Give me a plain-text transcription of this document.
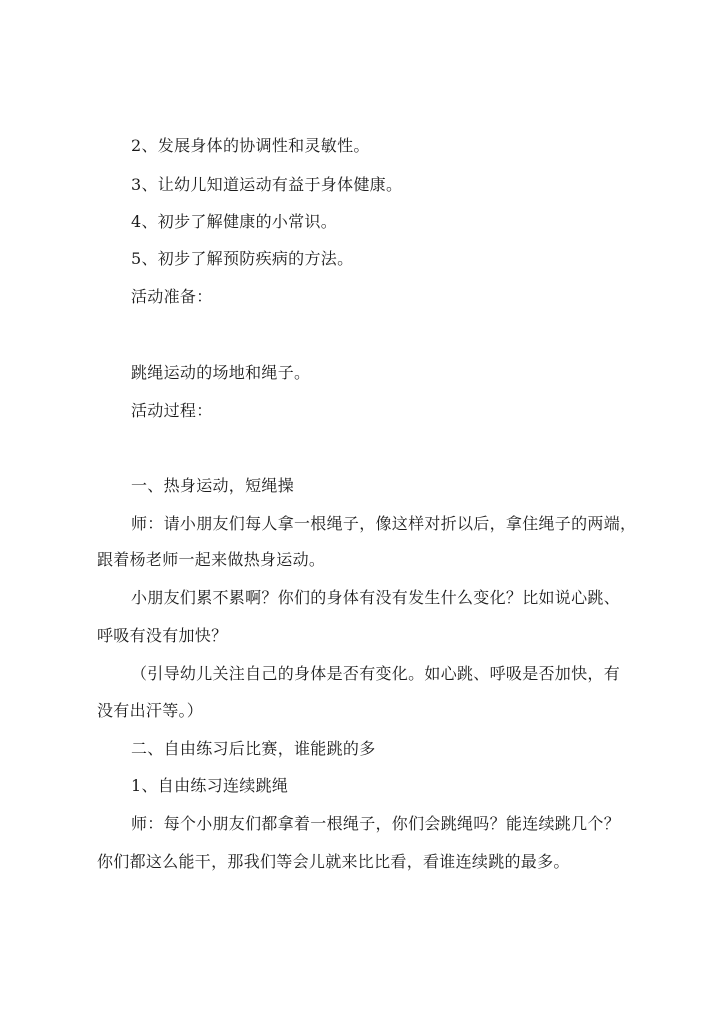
2、发展身体的协调性和灵敏性。
3、让幼儿知道运动有益于身体健康。
4、初步了解健康的小常识。
5、初步了解预防疾病的方法。
活动准备：
跳绳运动的场地和绳子。
活动过程：
一、热身运动，短绳操
师：请小朋友们每人拿一根绳子，像这样对折以后，拿住绳子的两端，
跟着杨老师一起来做热身运动。
小朋友们累不累啊？你们的身体有没有发生什么变化？比如说心跳、
呼吸有没有加快？
（引导幼儿关注自己的身体是否有变化。如心跳、呼吸是否加快，有
没有出汗等。）
二、自由练习后比赛，谁能跳的多
1、自由练习连续跳绳
师：每个小朋友们都拿着一根绳子，你们会跳绳吗？能连续跳几个？
你们都这么能干，那我们等会儿就来比比看，看谁连续跳的最多。
